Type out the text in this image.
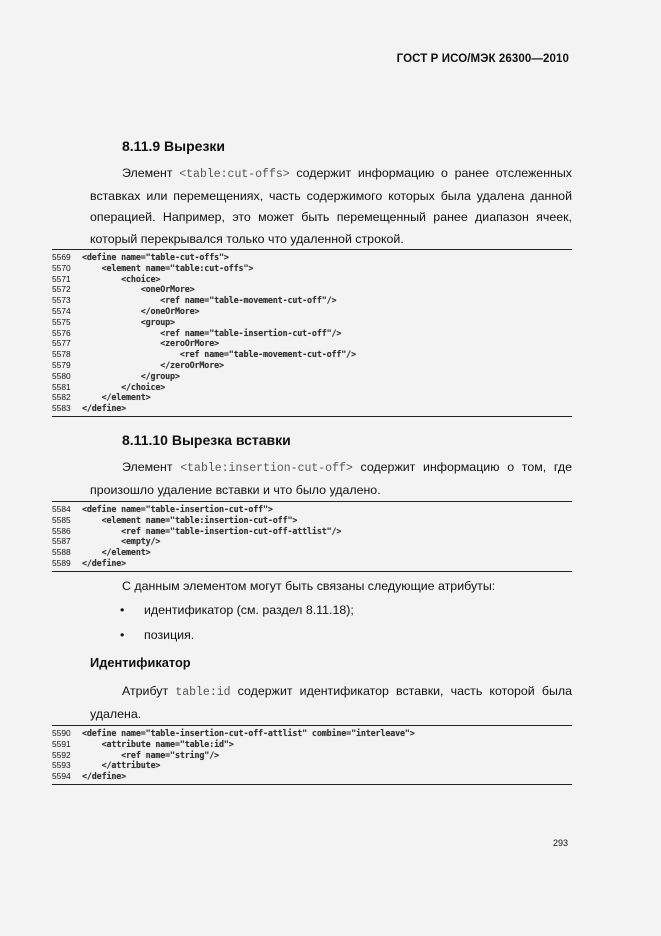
ГОСТ Р ИСО/МЭК 26300—2010
8.11.9 Вырезки

Элемент <table:cut-offs> содержит информацию о ранее отслеженных вставках или перемещениях, часть содержимого которых была удалена данной операцией. Например, это может быть перемещенный ранее диапазон ячеек, который перекрывался только что удаленной строкой.

5569 <define name="table-cut-offs">
5570    <element name="table:cut-offs">
5571        <choice>
5572            <oneOrMore>
5573                <ref name="table-movement-cut-off"/>
5574            </oneOrMore>
5575            <group>
5576                <ref name="table-insertion-cut-off"/>
5577                <zeroOrMore>
5578                    <ref name="table-movement-cut-off"/>
5579                </zeroOrMore>
5580            </group>
5581        </choice>
5582    </element>
5583 </define>
8.11.10 Вырезка вставки

Элемент <table:insertion-cut-off> содержит информацию о том, где произошло удаление вставки и что было удалено.

5584 <define name="table-insertion-cut-off">
5585    <element name="table:insertion-cut-off">
5586        <ref name="table-insertion-cut-off-attlist"/>
5587        <empty/>
5588    </element>
5589 </define>

С данным элементом могут быть связаны следующие атрибуты:

• идентификатор (см. раздел 8.11.18);
• позиция.
Идентификатор

Атрибут table:id содержит идентификатор вставки, часть которой была удалена.

5590 <define name="table-insertion-cut-off-attlist" combine="interleave">
5591    <attribute name="table:id">
5592        <ref name="string"/>
5593    </attribute>
5594 </define>
293
